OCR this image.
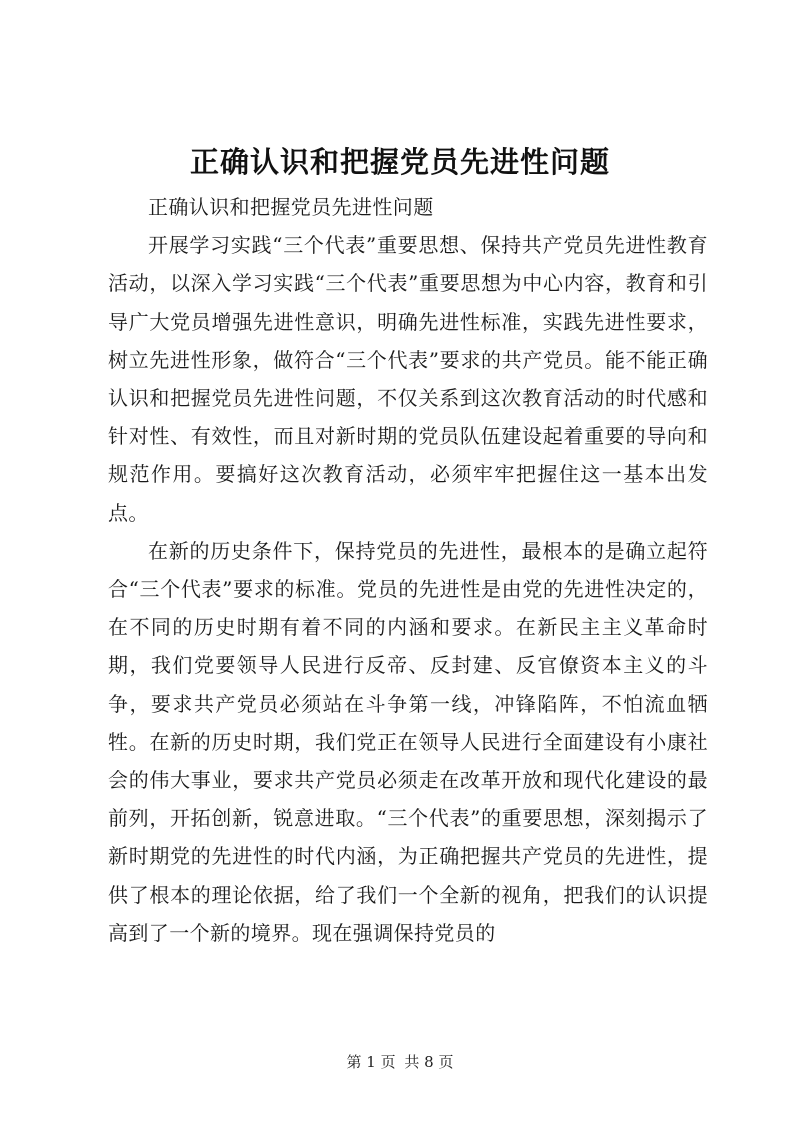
正确认识和把握党员先进性问题

正确认识和把握党员先进性问题

开展学习实践“三个代表”重要思想、保持共产党员先进性教育活动，以深入学习实践“三个代表”重要思想为中心内容，教育和引导广大党员增强先进性意识，明确先进性标准，实践先进性要求，树立先进性形象，做符合“三个代表”要求的共产党员。能不能正确认识和把握党员先进性问题，不仅关系到这次教育活动的时代感和针对性、有效性，而且对新时期的党员队伍建设起着重要的导向和规范作用。要搞好这次教育活动，必须牢牢把握住这一基本出发点。

在新的历史条件下，保持党员的先进性，最根本的是确立起符合“三个代表”要求的标准。党员的先进性是由党的先进性决定的，在不同的历史时期有着不同的内涵和要求。在新民主主义革命时期，我们党要领导人民进行反帝、反封建、反官僚资本主义的斗争，要求共产党员必须站在斗争第一线，冲锋陷阵，不怕流血牺牲。在新的历史时期，我们党正在领导人民进行全面建设有小康社会的伟大事业，要求共产党员必须走在改革开放和现代化建设的最前列，开拓创新，锐意进取。“三个代表”的重要思想，深刻揭示了新时期党的先进性的时代内涵，为正确把握共产党员的先进性，提供了根本的理论依据，给了我们一个全新的视角，把我们的认识提高到了一个新的境界。现在强调保持党员的

第 1 页 共 8 页
